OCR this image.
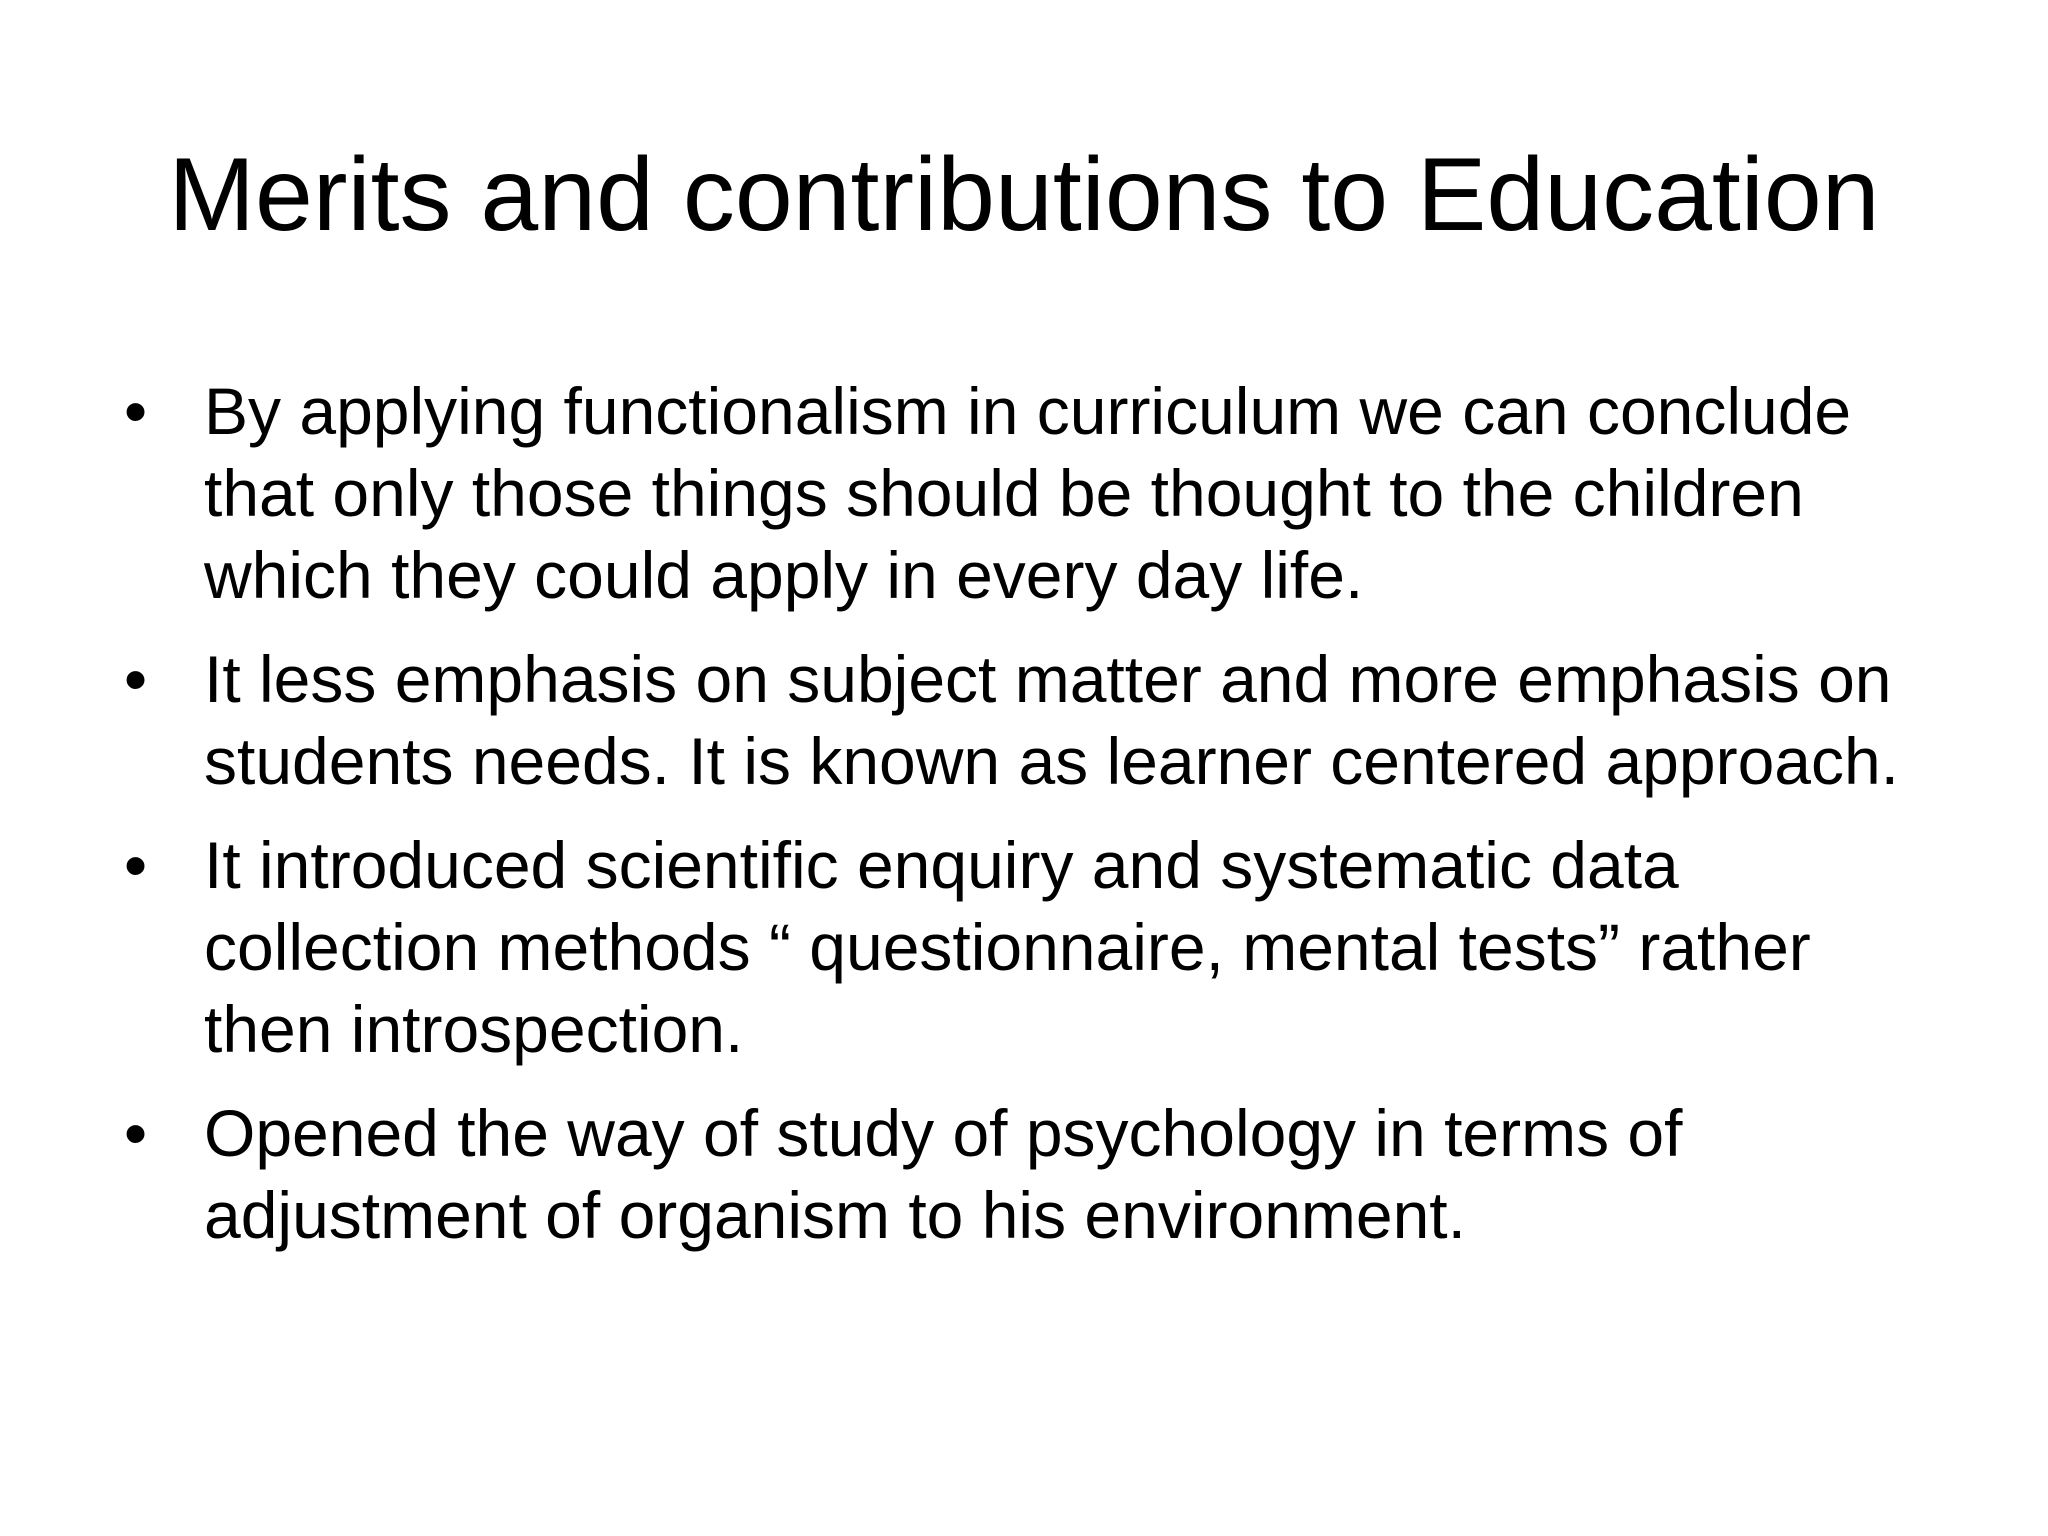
Merits and contributions to Education
• By applying functionalism in curriculum we can conclude that only those things should be thought to the children which they could apply in every day life.
• It less emphasis on subject matter and more emphasis on students needs. It is known as learner centered approach.
• It introduced scientific enquiry and systematic data collection methods “ questionnaire, mental tests” rather then introspection.
• Opened the way of study of psychology in terms of adjustment of organism to his environment.
